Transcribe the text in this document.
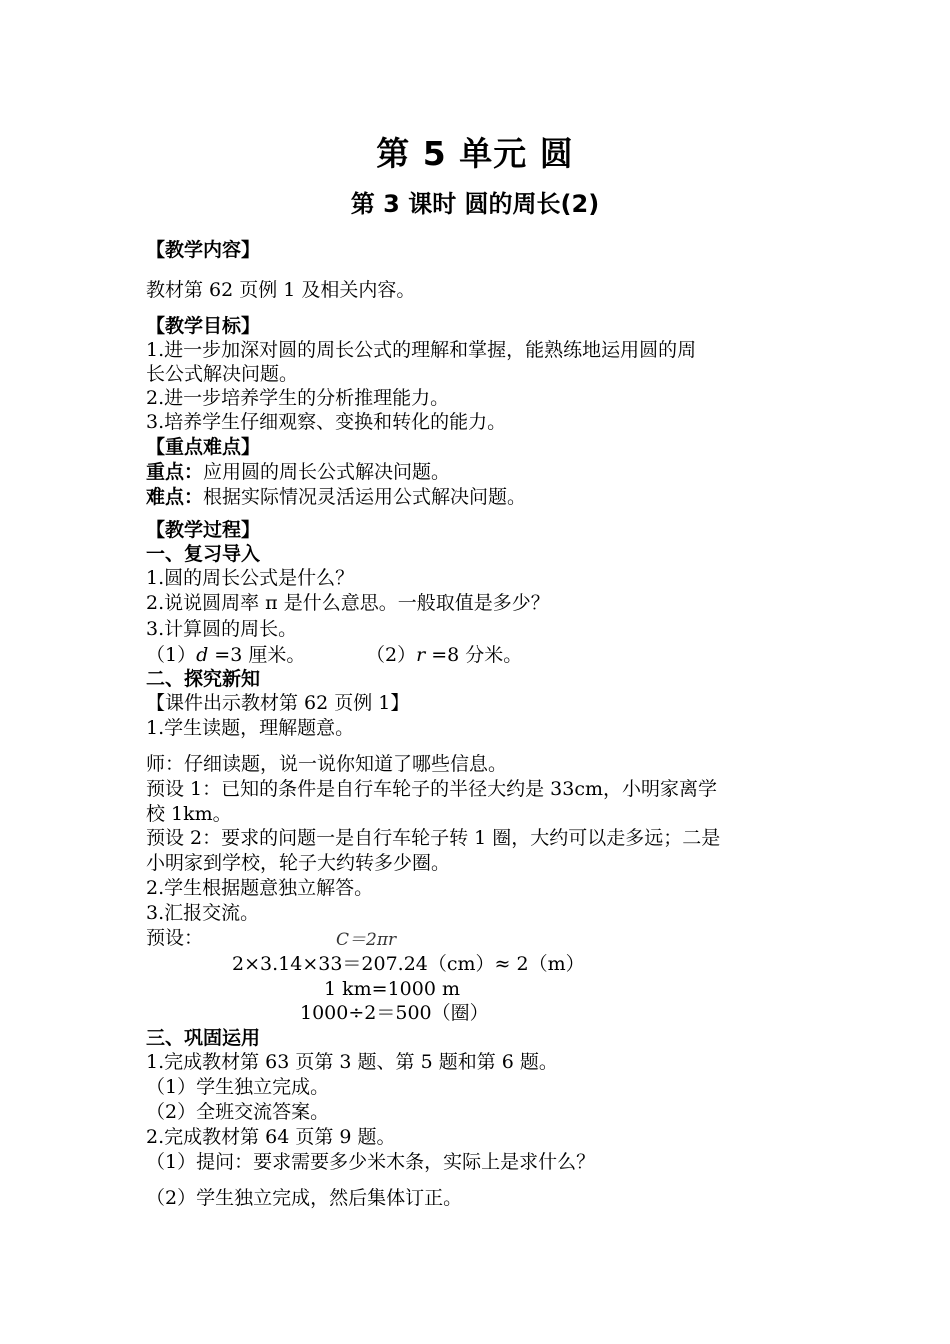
第 5 单元 圆
第 3 课时 圆的周长(2)
【教学内容】
教材第 62 页例 1 及相关内容。
【教学目标】
1.进一步加深对圆的周长公式的理解和掌握，能熟练地运用圆的周
长公式解决问题。
2.进一步培养学生的分析推理能力。
3.培养学生仔细观察、变换和转化的能力。
【重点难点】
重点：应用圆的周长公式解决问题。
难点：根据实际情况灵活运用公式解决问题。
【教学过程】
一、复习导入
1.圆的周长公式是什么？
2.说说圆周率 π 是什么意思。一般取值是多少？
3.计算圆的周长。
（1）d =3 厘米。	（2）r =8 分米。
二、探究新知
【课件出示教材第 62 页例 1】
1.学生读题，理解题意。
师：仔细读题，说一说你知道了哪些信息。
预设 1：已知的条件是自行车轮子的半径大约是 33cm，小明家离学
校 1km。
预设 2：要求的问题一是自行车轮子转 1 圈，大约可以走多远；二是
小明家到学校，轮子大约转多少圈。
2.学生根据题意独立解答。
3.汇报交流。
预设：	C＝2πr
2×3.14×33＝207.24（cm）≈ 2（m）
1 km=1000 m
1000÷2＝500（圈）
三、巩固运用
1.完成教材第 63 页第 3 题、第 5 题和第 6 题。
（1）学生独立完成。
（2）全班交流答案。
2.完成教材第 64 页第 9 题。
（1）提问：要求需要多少米木条，实际上是求什么？
（2）学生独立完成，然后集体订正。
